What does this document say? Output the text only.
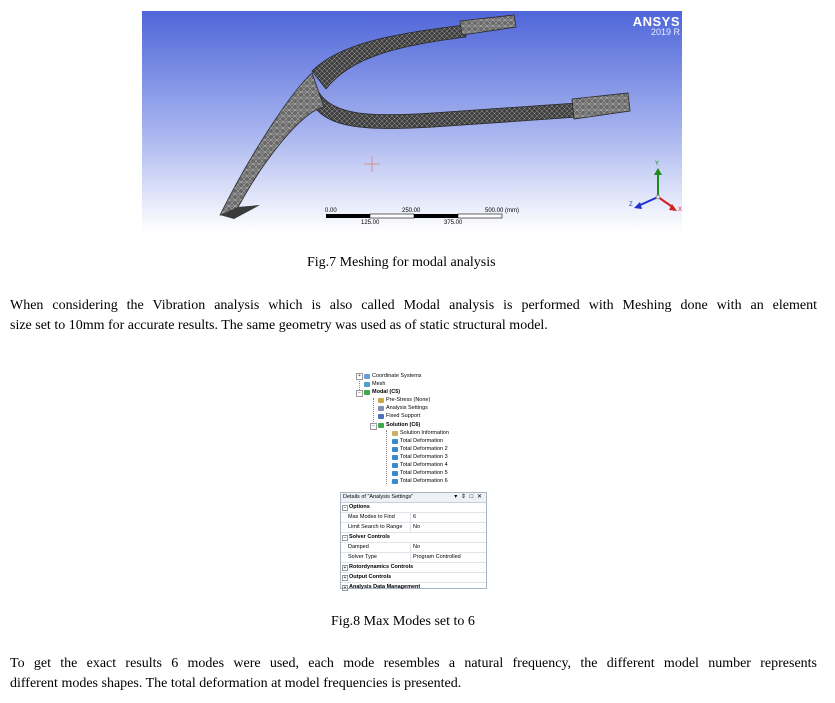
ANSYS
2019 R
0.00	250.00	500.00 (mm)
125.00	375.00
Y
X
Z
Fig.7 Meshing for modal analysis
When considering the Vibration analysis which is also called Modal analysis is performed with Meshing done with an element
size set to 10mm for accurate results. The same geometry was used as of static structural model.
+
−
−
Coordinate Systems
Mesh
Modal (C5)
Pre-Stress (None)
Analysis Settings
Fixed Support
Solution (C6)
Solution Information
Total Deformation
Total Deformation 2
Total Deformation 3
Total Deformation 4
Total Deformation 5
Total Deformation 6
Details of "Analysis Settings"	▾ ⇕ □ ✕
− Options
Max Modes to Find	6
Limit Search to Range	No
− Solver Controls
Damped	No
Solver Type	Program Controlled
+ Rotordynamics Controls
+ Output Controls
+ Analysis Data Management
Fig.8 Max Modes set to 6
To get the exact results 6 modes were used, each mode resembles a natural frequency, the different model number represents
different modes shapes. The total deformation at model frequencies is presented.
